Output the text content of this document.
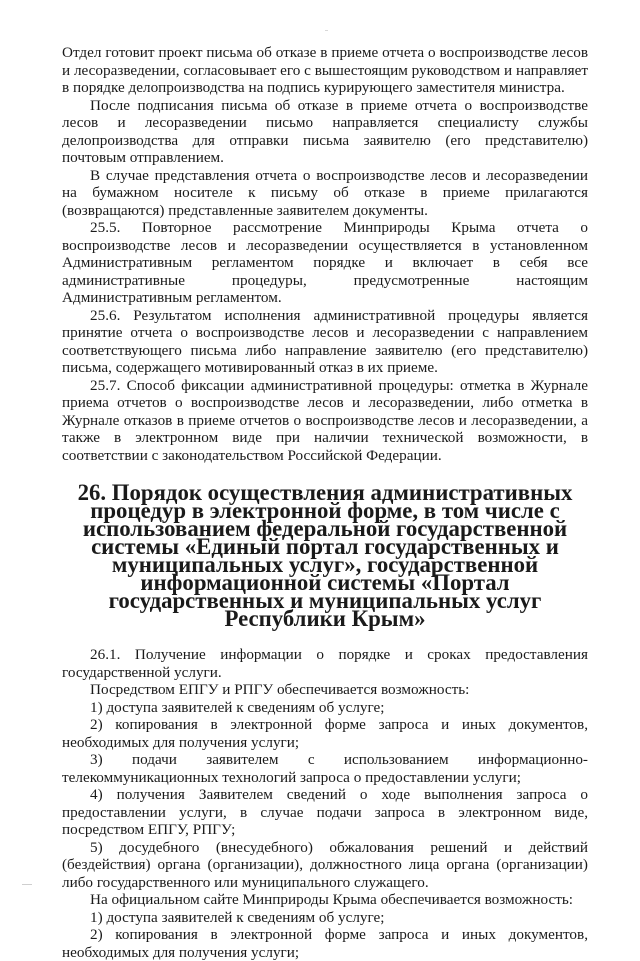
Отдел готовит проект письма об отказе в приеме отчета о воспроизводстве лесов и лесоразведении, согласовывает его с вышестоящим руководством и направляет в порядке делопроизводства на подпись курирующего заместителя министра.

После подписания письма об отказе в приеме отчета о воспроизводстве лесов и лесоразведении письмо направляется специалисту службы делопроизводства для отправки письма заявителю (его представителю) почтовым отправлением.

В случае представления отчета о воспроизводстве лесов и лесоразведении на бумажном носителе к письму об отказе в приеме прилагаются (возвращаются) представленные заявителем документы.

25.5. Повторное рассмотрение Минприроды Крыма отчета о воспроизводстве лесов и лесоразведении осуществляется в установленном Административным регламентом порядке и включает в себя все административные процедуры, предусмотренные настоящим Административным регламентом.

25.6. Результатом исполнения административной процедуры является принятие отчета о воспроизводстве лесов и лесоразведении с направлением соответствующего письма либо направление заявителю (его представителю) письма, содержащего мотивированный отказ в их приеме.

25.7. Способ фиксации административной процедуры: отметка в Журнале приема отчетов о воспроизводстве лесов и лесоразведении, либо отметка в Журнале отказов в приеме отчетов о воспроизводстве лесов и лесоразведении, а также в электронном виде при наличии технической возможности, в соответствии с законодательством Российской Федерации.

26. Порядок осуществления административных процедур в электронной форме, в том числе с использованием федеральной государственной системы «Единый портал государственных и муниципальных услуг», государственной информационной системы «Портал государственных и муниципальных услуг Республики Крым»

26.1. Получение информации о порядке и сроках предоставления государственной услуги.

Посредством ЕПГУ и РПГУ обеспечивается возможность:

1) доступа заявителей к сведениям об услуге;

2) копирования в электронной форме запроса и иных документов, необходимых для получения услуги;

3) подачи заявителем с использованием информационно-телекоммуникационных технологий запроса о предоставлении услуги;

4) получения Заявителем сведений о ходе выполнения запроса о предоставлении услуги, в случае подачи запроса в электронном виде, посредством ЕПГУ, РПГУ;

5) досудебного (внесудебного) обжалования решений и действий (бездействия) органа (организации), должностного лица органа (организации) либо государственного или муниципального служащего.

На официальном сайте Минприроды Крыма обеспечивается возможность:

1) доступа заявителей к сведениям об услуге;

2) копирования в электронной форме запроса и иных документов, необходимых для получения услуги;
